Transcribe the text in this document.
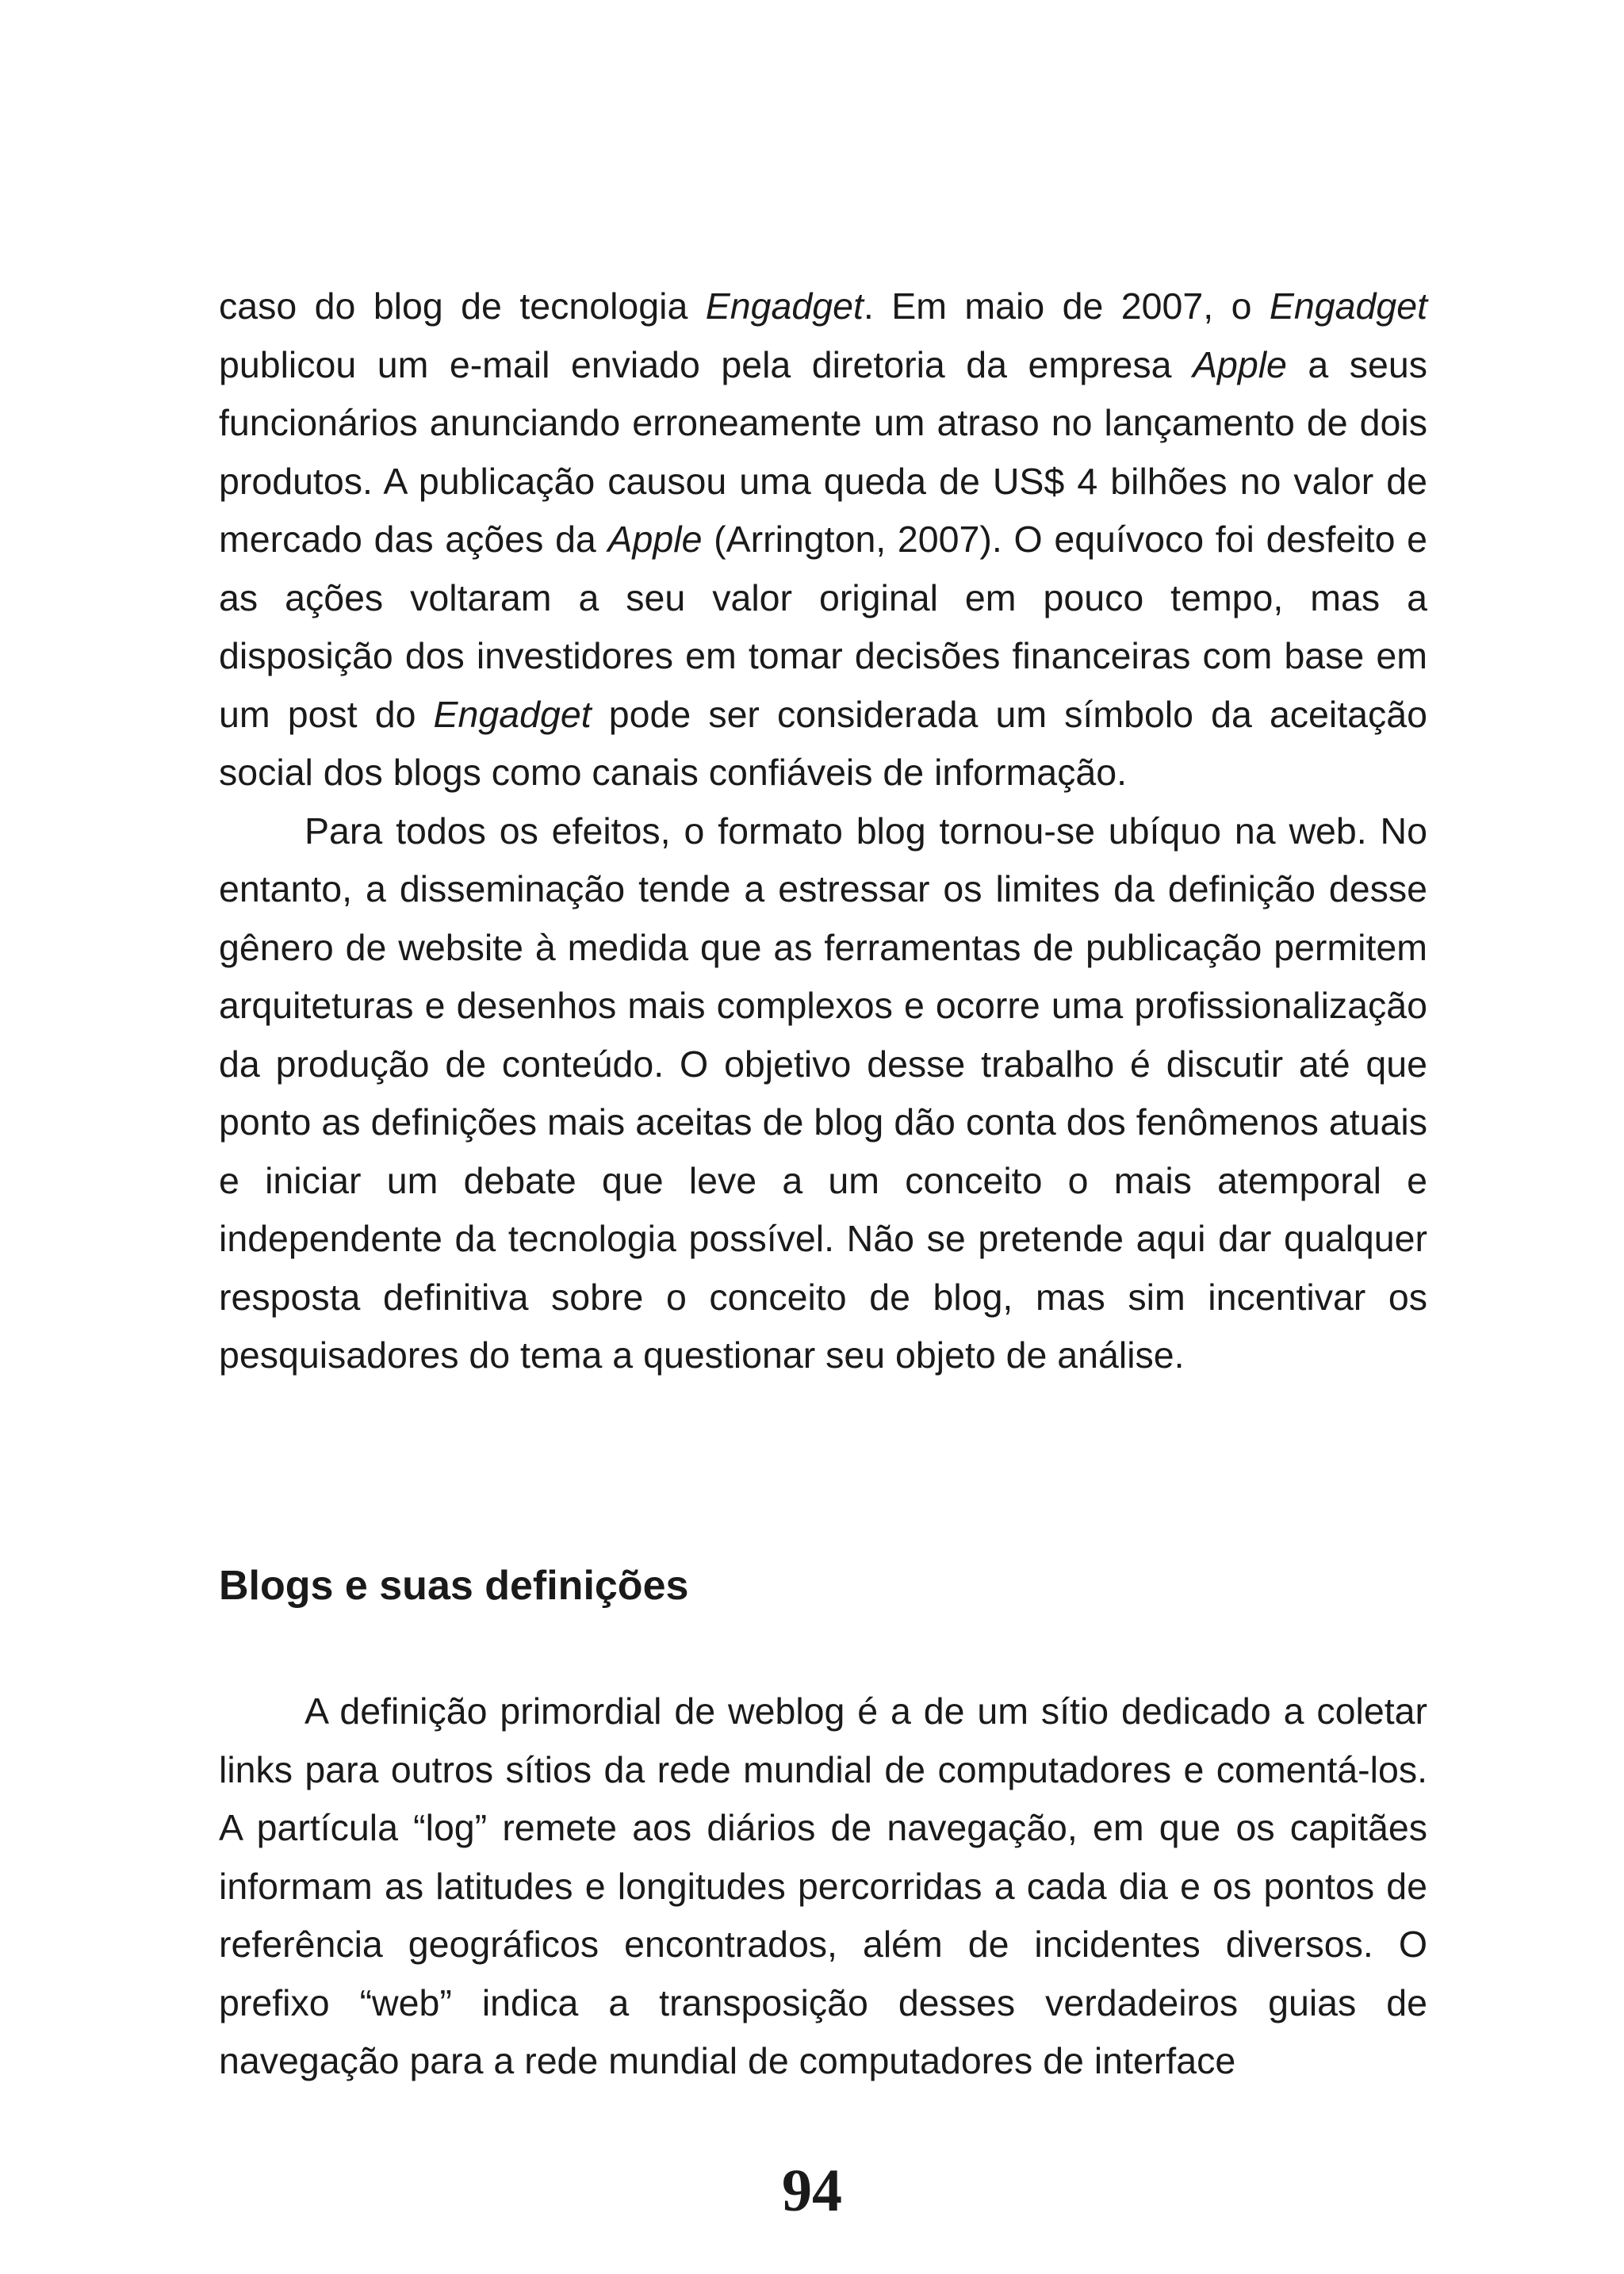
caso do blog de tecnologia Engadget. Em maio de 2007, o Engadget publicou um e-mail enviado pela diretoria da empresa Apple a seus funcionários anunciando erroneamente um atraso no lançamento de dois produtos. A publicação causou uma queda de US$ 4 bilhões no valor de mercado das ações da Apple (Arrington, 2007). O equívoco foi desfeito e as ações voltaram a seu valor original em pouco tempo, mas a disposição dos investidores em tomar decisões financeiras com base em um post do Engadget pode ser considerada um símbolo da aceitação social dos blogs como canais confiáveis de informação.

Para todos os efeitos, o formato blog tornou-se ubíquo na web. No entanto, a disseminação tende a estressar os limites da definição desse gênero de website à medida que as ferramentas de publicação permitem arquiteturas e desenhos mais complexos e ocorre uma profissionalização da produção de conteúdo. O objetivo desse trabalho é discutir até que ponto as definições mais aceitas de blog dão conta dos fenômenos atuais e iniciar um debate que leve a um conceito o mais atemporal e independente da tecnologia possível. Não se pretende aqui dar qualquer resposta definitiva sobre o conceito de blog, mas sim incentivar os pesquisadores do tema a questionar seu objeto de análise.

Blogs e suas definições

A definição primordial de weblog é a de um sítio dedicado a coletar links para outros sítios da rede mundial de computadores e comentá-los. A partícula “log” remete aos diários de navegação, em que os capitães informam as latitudes e longitudes percorridas a cada dia e os pontos de referência geográficos encontrados, além de incidentes diversos. O prefixo “web” indica a transposição desses verdadeiros guias de navegação para a rede mundial de computadores de interface

94
